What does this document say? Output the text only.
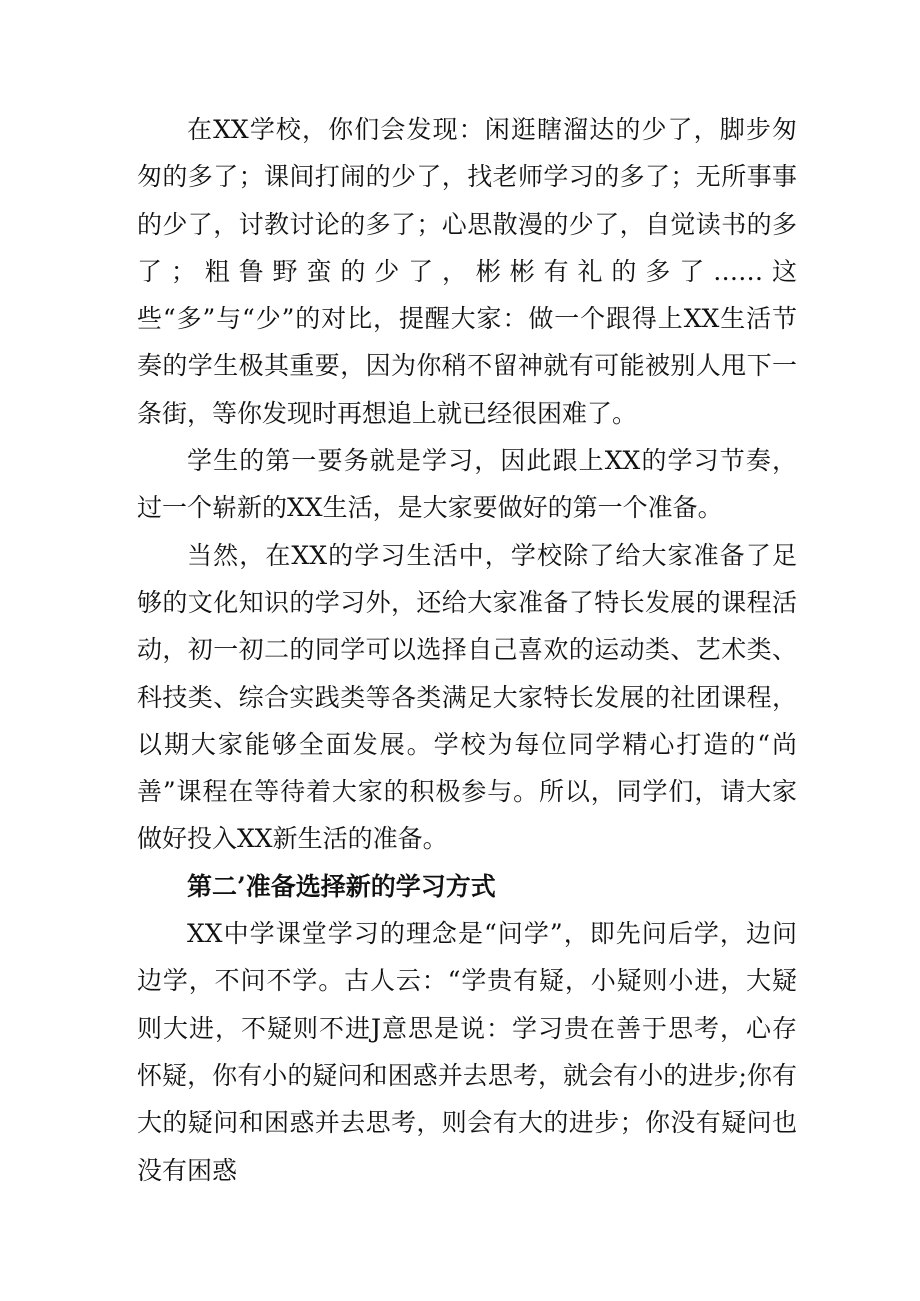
在XX学校，你们会发现：闲逛瞎溜达的少了，脚步匆匆的多了；课间打闹的少了，找老师学习的多了；无所事事的少了，讨教讨论的多了；心思散漫的少了，自觉读书的多了；粗鲁野蛮的少了，彬彬有礼的多了……这些“多”与“少”的对比，提醒大家：做一个跟得上XX生活节奏的学生极其重要，因为你稍不留神就有可能被别人甩下一条街，等你发现时再想追上就已经很困难了。

学生的第一要务就是学习，因此跟上XX的学习节奏，过一个崭新的XX生活，是大家要做好的第一个准备。

当然，在XX的学习生活中，学校除了给大家准备了足够的文化知识的学习外，还给大家准备了特长发展的课程活动，初一初二的同学可以选择自己喜欢的运动类、艺术类、科技类、综合实践类等各类满足大家特长发展的社团课程，以期大家能够全面发展。学校为每位同学精心打造的“尚善”课程在等待着大家的积极参与。所以，同学们，请大家做好投入XX新生活的准备。

第二’准备选择新的学习方式

XX中学课堂学习的理念是“问学”，即先问后学，边问边学，不问不学。古人云：“学贵有疑，小疑则小进，大疑则大进，不疑则不进J意思是说：学习贵在善于思考，心存怀疑，你有小的疑问和困惑并去思考，就会有小的进步;你有大的疑问和困惑并去思考，则会有大的进步；你没有疑问也没有困惑
